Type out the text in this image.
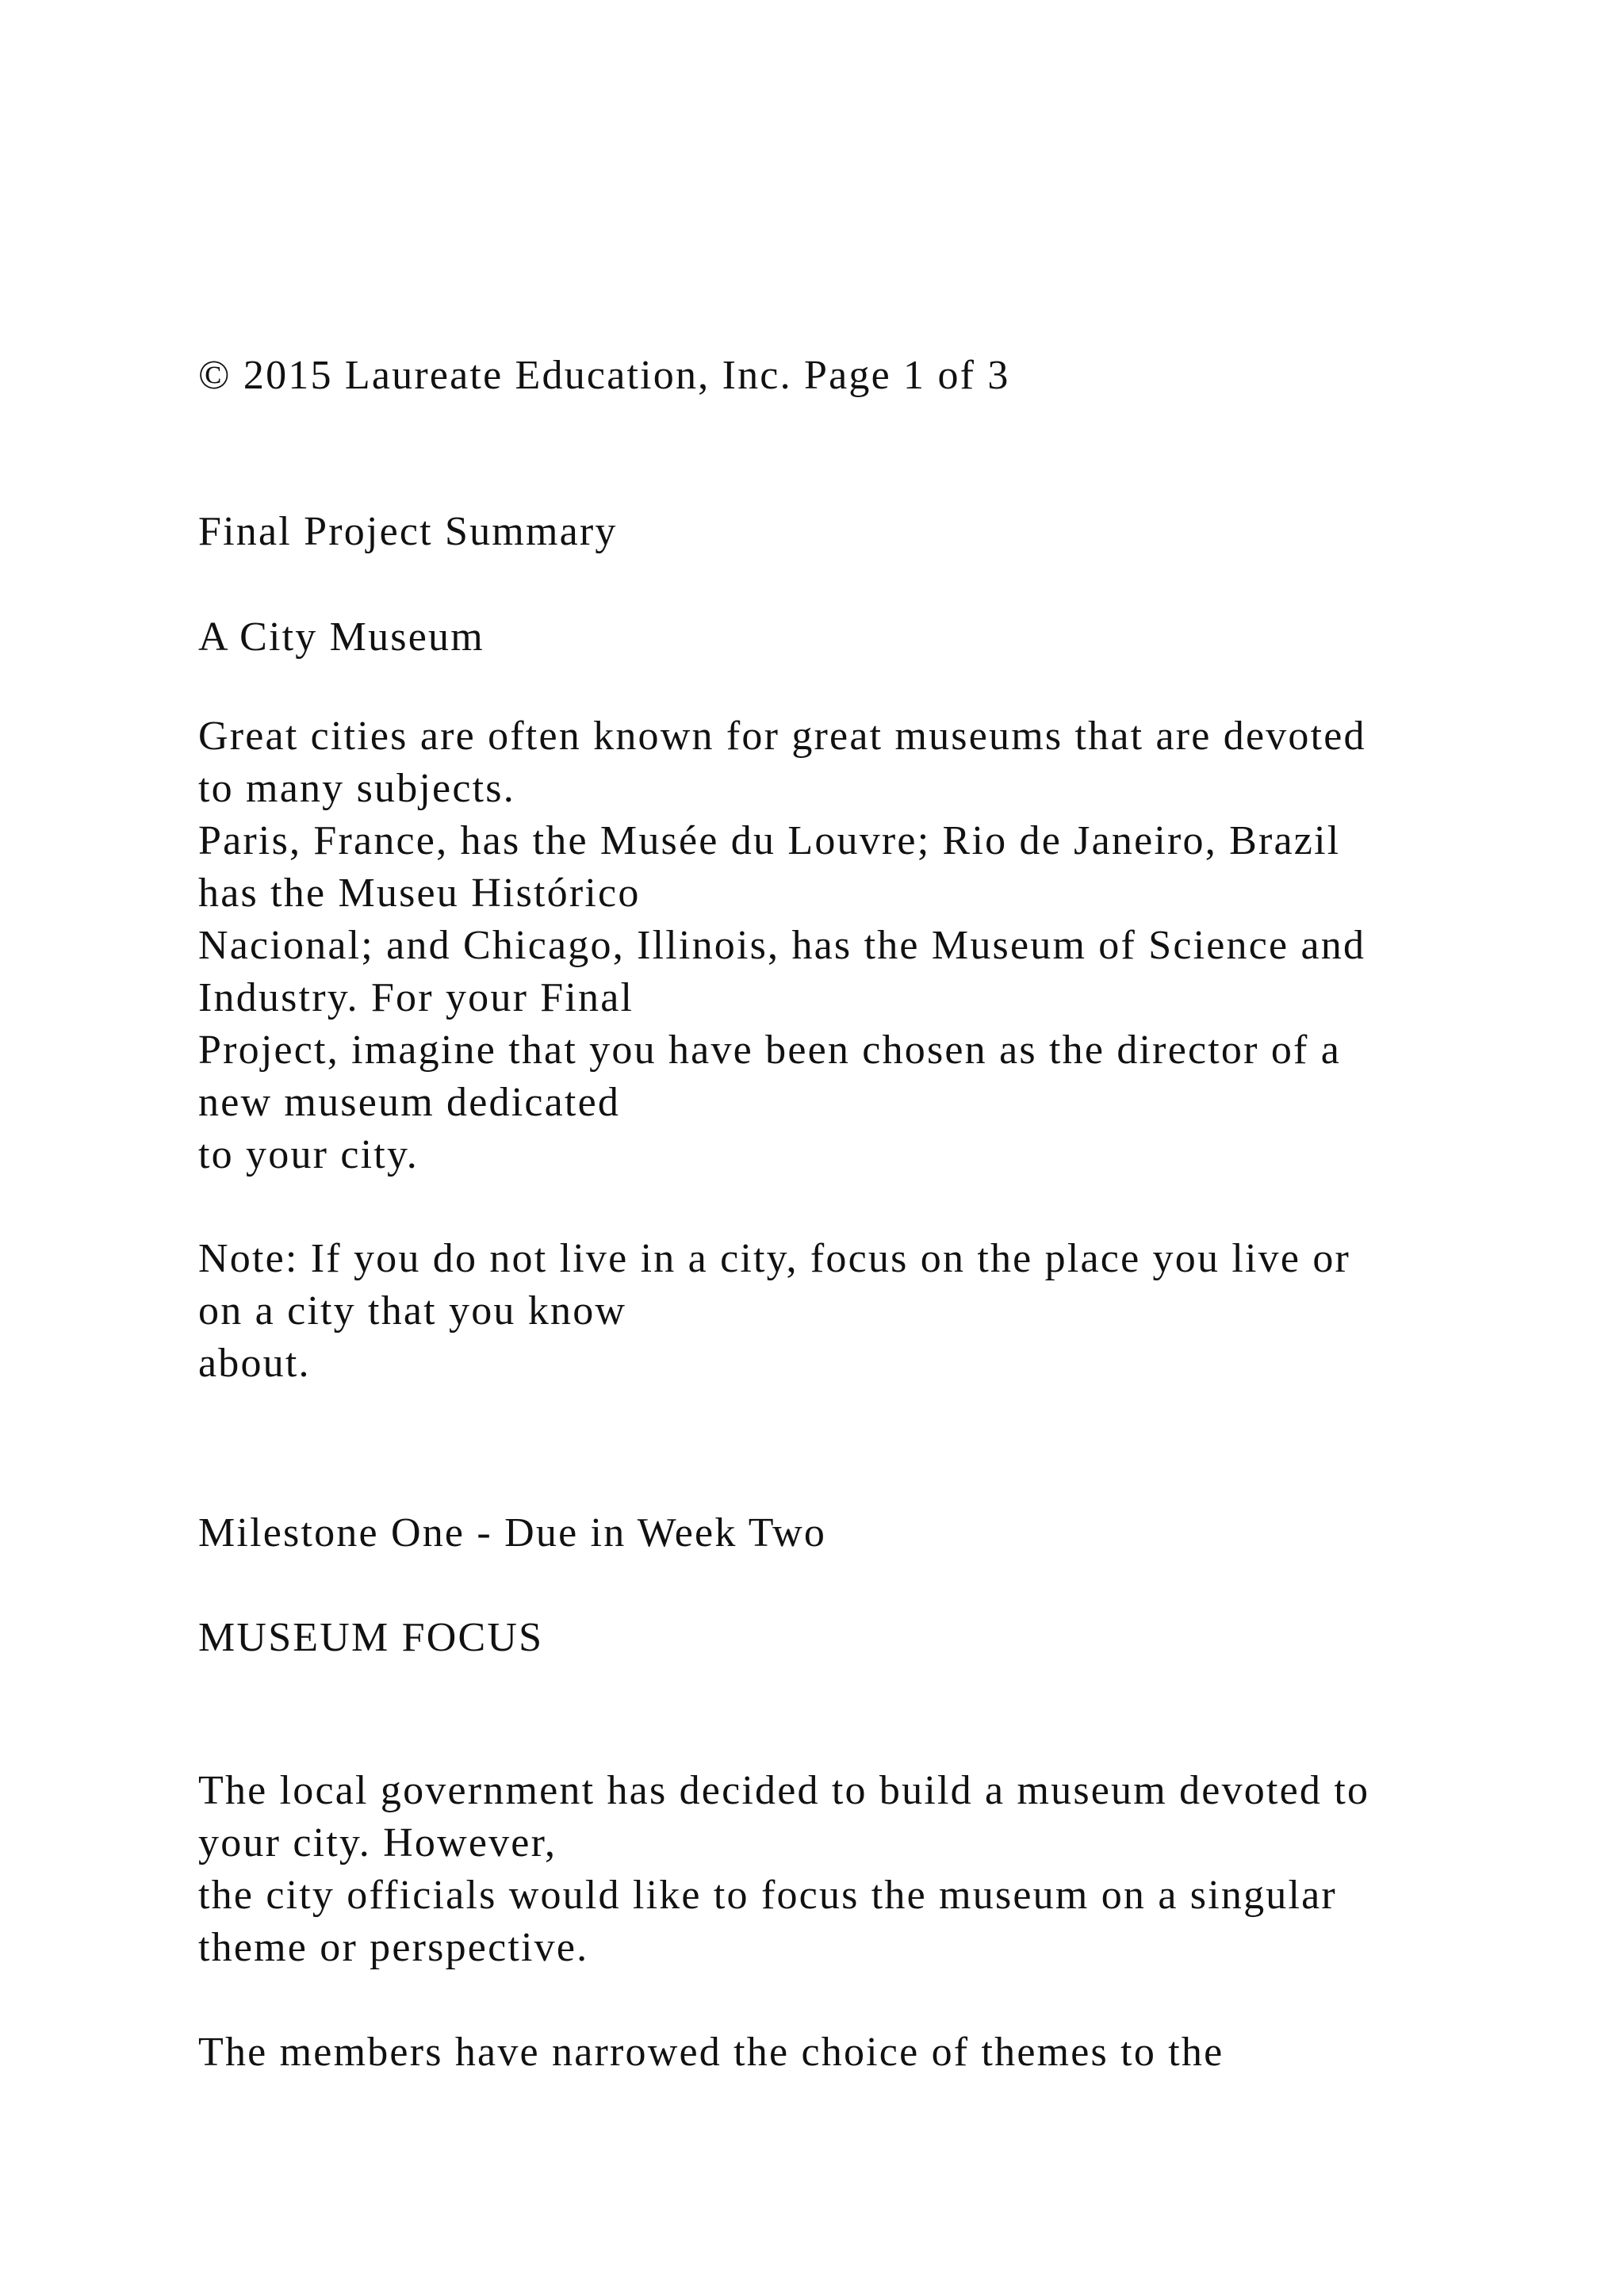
© 2015 Laureate Education, Inc. Page 1 of 3
Final Project Summary
A City Museum
Great cities are often known for great museums that are devoted
to many subjects.
Paris, France, has the Musée du Louvre; Rio de Janeiro, Brazil
has the Museu Histórico
Nacional; and Chicago, Illinois, has the Museum of Science and
Industry. For your Final
Project, imagine that you have been chosen as the director of a
new museum dedicated
to your city.
Note: If you do not live in a city, focus on the place you live or
on a city that you know
about.
Milestone One - Due in Week Two
MUSEUM FOCUS
The local government has decided to build a museum devoted to
your city. However,
the city officials would like to focus the museum on a singular
theme or perspective.
The members have narrowed the choice of themes to the
